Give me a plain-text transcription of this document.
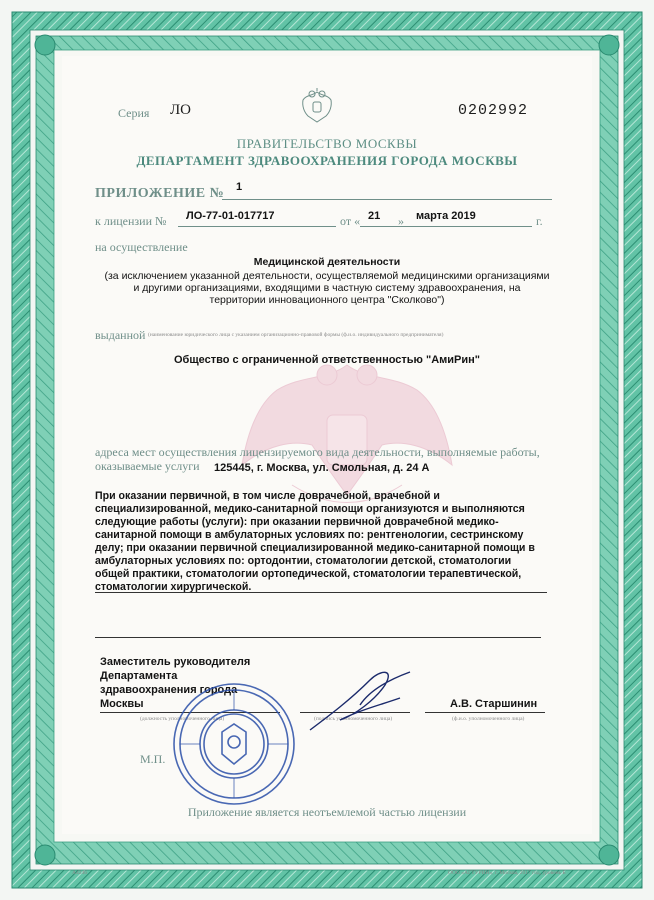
Серия ЛО	0202992
ПРАВИТЕЛЬСТВО МОСКВЫ
ДЕПАРТАМЕНТ ЗДРАВООХРАНЕНИЯ ГОРОДА МОСКВЫ
ПРИЛОЖЕНИЕ № 1
к лицензии № ЛО-77-01-017717	от « 21 » марта 2019	г.
на осуществление
Медицинской деятельности
(за исключением указанной деятельности, осуществляемой медицинскими организациями
и другими организациями, входящими в частную систему здравоохранения, на
территории инновационного центра "Сколково")
выданной (наименование юридического лица с указанием организационно-правовой формы (ф.и.о. индивидуального предпринимателя)
Общество с ограниченной ответственностью "АмиРин"
адреса мест осуществления лицензируемого вида деятельности, выполняемые работы,
оказываемые услуги 125445, г. Москва, ул. Смольная, д. 24 А
При оказании первичной, в том числе доврачебной, врачебной и
специализированной, медико-санитарной помощи организуются и выполняются
следующие работы (услуги): при оказании первичной доврачебной медико-
санитарной помощи в амбулаторных условиях по: рентгенологии, сестринскому
делу; при оказании первичной специализированной медико-санитарной помощи в
амбулаторных условиях по: ортодонтии, стоматологии детской, стоматологии
общей практики, стоматологии ортопедической, стоматологии терапевтической,
стоматологии хирургической.
Заместитель руководителя
Департамента
здравоохранения города
Москвы	А.В. Старшинин
(должность уполномоченного лица)	(подпись уполномоченного лица)	(ф.и.о. уполномоченного лица)
М.П.
Приложение является неотъемлемой частью лицензии
А4246	ООО «АГТУРИН», г. Москва, 2017 год, уровень Б
